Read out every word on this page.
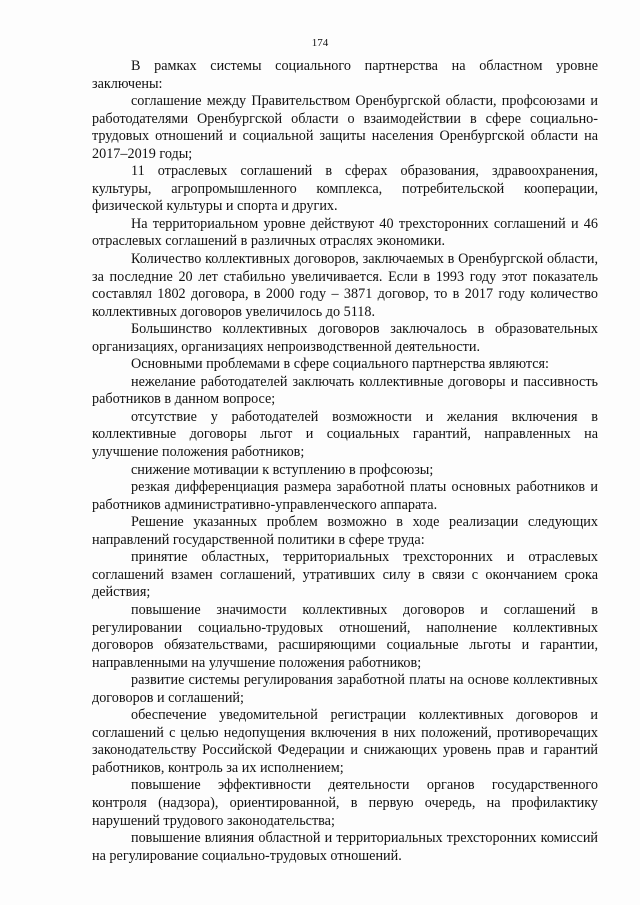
174

В рамках системы социального партнерства на областном уровне заключены:

соглашение между Правительством Оренбургской области, профсоюзами и работодателями Оренбургской области о взаимодействии в сфере социально-трудовых отношений и социальной защиты населения Оренбургской области на 2017–2019 годы;

11 отраслевых соглашений в сферах образования, здравоохранения, культуры, агропромышленного комплекса, потребительской кооперации, физической культуры и спорта и других.

На территориальном уровне действуют 40 трехсторонних соглашений и 46 отраслевых соглашений в различных отраслях экономики.

Количество коллективных договоров, заключаемых в Оренбургской области, за последние 20 лет стабильно увеличивается. Если в 1993 году этот показатель составлял 1802 договора, в 2000 году – 3871 договор, то в 2017 году количество коллективных договоров увеличилось до 5118.

Большинство коллективных договоров заключалось в образовательных организациях, организациях непроизводственной деятельности.

Основными проблемами в сфере социального партнерства являются:

нежелание работодателей заключать коллективные договоры и пассивность работников в данном вопросе;

отсутствие у работодателей возможности и желания включения в коллективные договоры льгот и социальных гарантий, направленных на улучшение положения работников;

снижение мотивации к вступлению в профсоюзы;

резкая дифференциация размера заработной платы основных работников и работников административно-управленческого аппарата.

Решение указанных проблем возможно в ходе реализации следующих направлений государственной политики в сфере труда:

принятие областных, территориальных трехсторонних и отраслевых соглашений взамен соглашений, утративших силу в связи с окончанием срока действия;

повышение значимости коллективных договоров и соглашений в регулировании социально-трудовых отношений, наполнение коллективных договоров обязательствами, расширяющими социальные льготы и гарантии, направленными на улучшение положения работников;

развитие системы регулирования заработной платы на основе коллективных договоров и соглашений;

обеспечение уведомительной регистрации коллективных договоров и соглашений с целью недопущения включения в них положений, противоречащих законодательству Российской Федерации и снижающих уровень прав и гарантий работников, контроль за их исполнением;

повышение эффективности деятельности органов государственного контроля (надзора), ориентированной, в первую очередь, на профилактику нарушений трудового законодательства;

повышение влияния областной и территориальных трехсторонних комиссий на регулирование социально-трудовых отношений.
